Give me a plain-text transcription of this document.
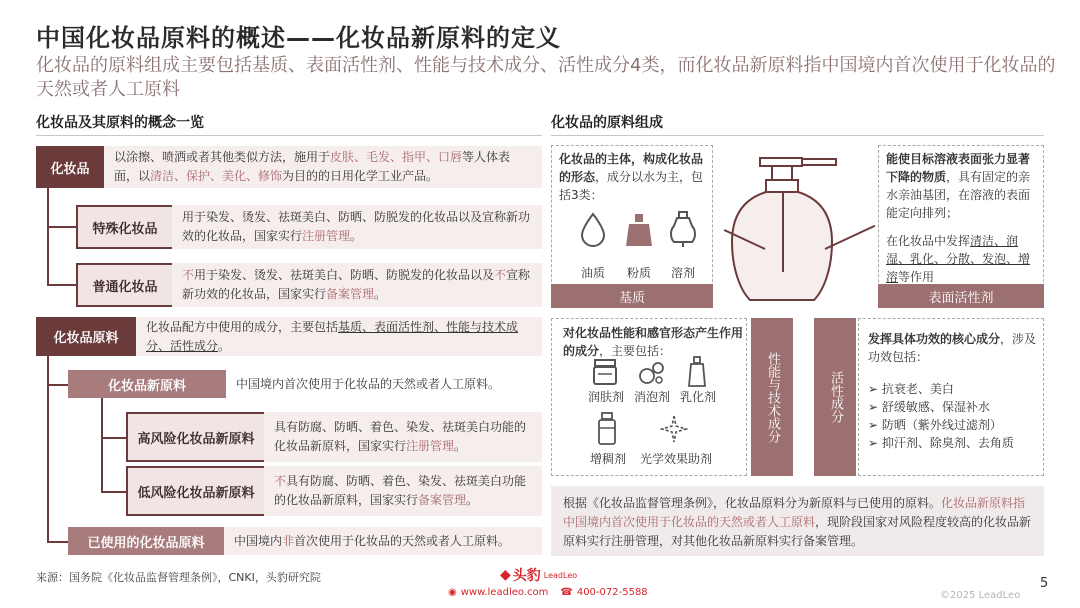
中国化妆品原料的概述——化妆品新原料的定义
化妆品的原料组成主要包括基质、表面活性剂、性能与技术成分、活性成分4类，而化妆品新原料指中国境内首次使用于化妆品的天然或者人工原料
化妆品及其原料的概念一览
化妆品
以涂擦、喷洒或者其他类似方法，施用于皮肤、毛发、指甲、口唇等人体表面，以清洁、保护、美化、修饰为目的的日用化学工业产品。
特殊化妆品
用于染发、烫发、祛斑美白、防晒、防脱发的化妆品以及宣称新功效的化妆品，国家实行注册管理。
普通化妆品
不用于染发、烫发、祛斑美白、防晒、防脱发的化妆品以及不宣称新功效的化妆品，国家实行备案管理。
化妆品原料
化妆品配方中使用的成分，主要包括基质、表面活性剂、性能与技术成分、活性成分。
化妆品新原料	中国境内首次使用于化妆品的天然或者人工原料。
高风险化妆品新原料
具有防腐、防晒、着色、染发、祛斑美白功能的化妆品新原料，国家实行注册管理。
低风险化妆品新原料
不具有防腐、防晒、着色、染发、祛斑美白功能的化妆品新原料，国家实行备案管理。
已使用的化妆品原料	中国境内非首次使用于化妆品的天然或者人工原料。
化妆品的原料组成
化妆品的主体，构成化妆品的形态，成分以水为主，包括3类：
油质	粉质	溶剂
基质
能使目标溶液表面张力显著下降的物质，具有固定的亲水亲油基团，在溶液的表面能定向排列；
在化妆品中发挥清洁、润湿、乳化、分散、发泡、增溶等作用
表面活性剂
对化妆品性能和感官形态产生作用的成分，主要包括：
润肤剂 消泡剂 乳化剂
增稠剂	光学效果助剂
性能与技术成分	活性成分
发挥具体功效的核心成分，涉及功效包括：
➢ 抗衰老、美白
➢ 舒缓敏感、保湿补水
➢ 防晒（紫外线过滤剂）
➢ 抑汗剂、除臭剂、去角质
根据《化妆品监督管理条例》，化妆品原料分为新原料与已使用的原料。化妆品新原料指中国境内首次使用于化妆品的天然或者人工原料，现阶段国家对风险程度较高的化妆品新原料实行注册管理，对其他化妆品新原料实行备案管理。
来源：国务院《化妆品监督管理条例》，CNKI，头豹研究院	◆ 头豹 LeadLeo
◉ www.leadleo.com ☎ 400-072-5588	©2025 LeadLeo
5
